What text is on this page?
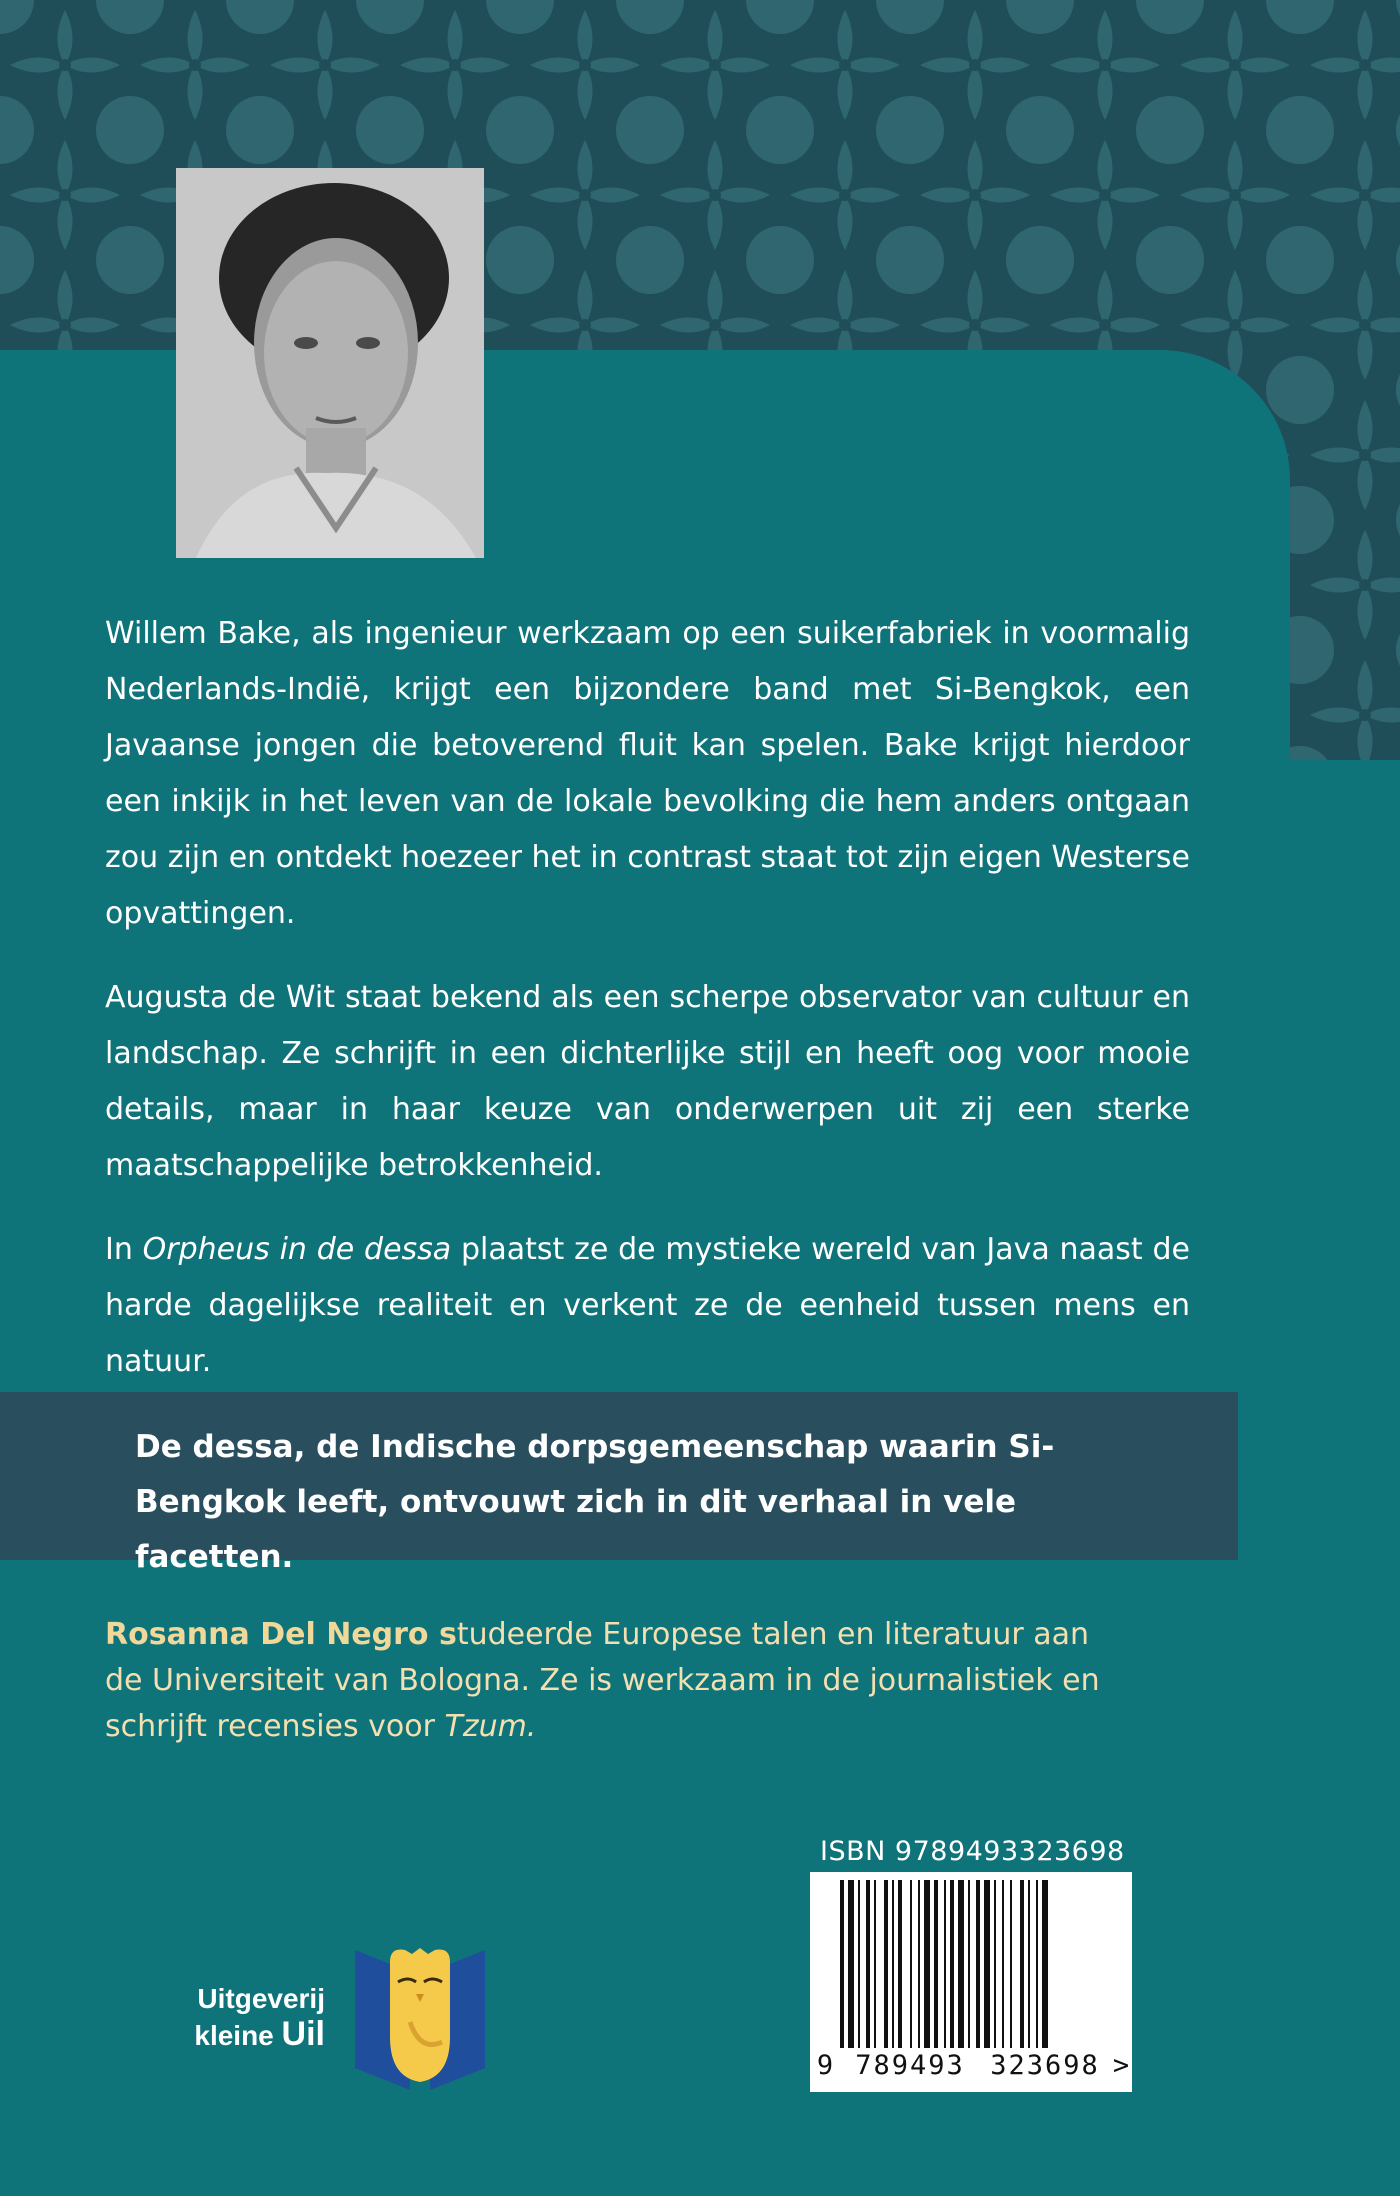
Willem Bake, als ingenieur werkzaam op een suikerfabriek in voormalig Nederlands-Indië, krijgt een bijzondere band met Si-Bengkok, een Javaanse jongen die betoverend fluit kan spelen. Bake krijgt hierdoor een inkijk in het leven van de lokale bevolking die hem anders ontgaan zou zijn en ontdekt hoezeer het in contrast staat tot zijn eigen Westerse opvattingen.

Augusta de Wit staat bekend als een scherpe observator van cultuur en landschap. Ze schrijft in een dichterlijke stijl en heeft oog voor mooie details, maar in haar keuze van onderwerpen uit zij een sterke maatschappelijke betrokkenheid.

In Orpheus in de dessa plaatst ze de mystieke wereld van Java naast de harde dagelijkse realiteit en verkent ze de eenheid tussen mens en natuur.

De dessa, de Indische dorpsgemeenschap waarin Si-Bengkok leeft, ontvouwt zich in dit verhaal in vele facetten.

Rosanna Del Negro studeerde Europese talen en literatuur aan de Universiteit van Bologna. Ze is werkzaam in de journalistiek en schrijft recensies voor Tzum.

ISBN 9789493323698
9 789493 323698 >
Uitgeverij
kleine Uil
